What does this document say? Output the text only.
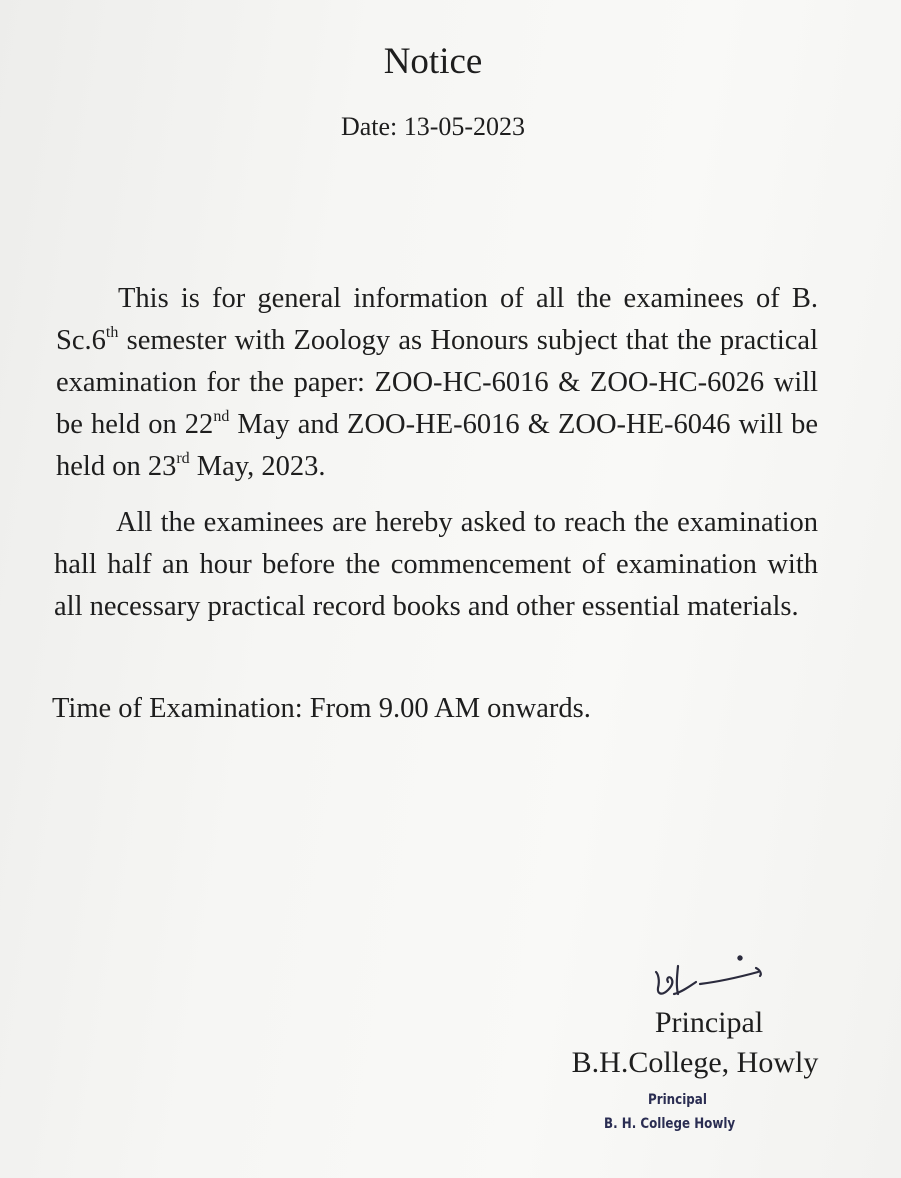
Notice
Date: 13-05-2023

This is for general information of all the examinees of B. Sc.6th semester with Zoology as Honours subject that the practical examination for the paper: ZOO-HC-6016 & ZOO-HC-6026 will be held on 22nd May and ZOO-HE-6016 & ZOO-HE-6046 will be held on 23rd May, 2023.

All the examinees are hereby asked to reach the examination hall half an hour before the commencement of examination with all necessary practical record books and other essential materials.

Time of Examination: From 9.00 AM onwards.

Principal
B.H.College, Howly
Principal
B. H. College Howly
